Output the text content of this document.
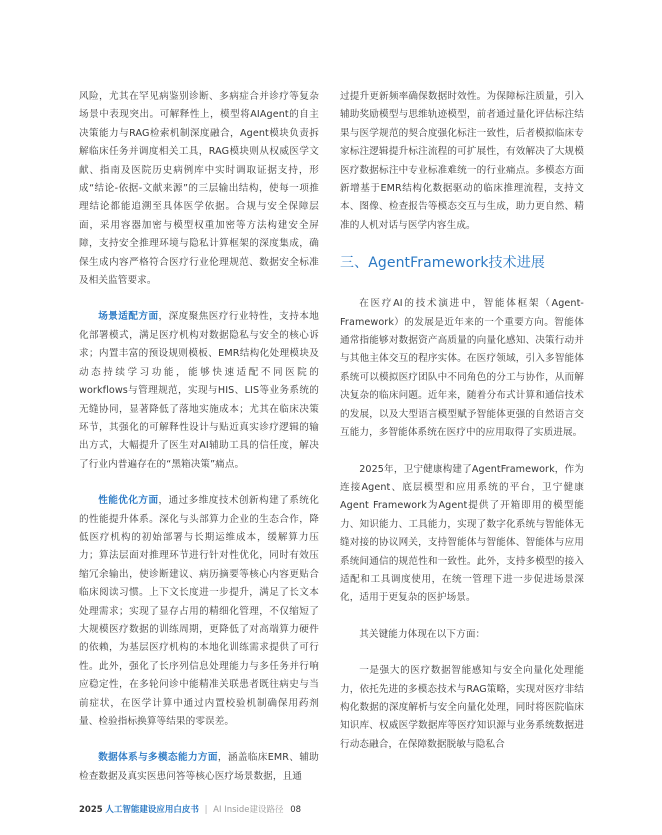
风险，尤其在罕见病鉴别诊断、多病症合并诊疗等复杂场景中表现突出。可解释性上，模型将AIAgent的自主决策能力与RAG检索机制深度融合，Agent模块负责拆解临床任务并调度相关工具，RAG模块则从权威医学文献、指南及医院历史病例库中实时调取证据支持，形成“结论-依据-文献来源”的三层输出结构，使每一项推理结论都能追溯至具体医学依据。合规与安全保障层面，采用容器加密与模型权重加密等方法构建安全屏障，支持安全推理环境与隐私计算框架的深度集成，确保生成内容严格符合医疗行业伦理规范、数据安全标准及相关监管要求。

场景适配方面，深度聚焦医疗行业特性，支持本地化部署模式，满足医疗机构对数据隐私与安全的核心诉求；内置丰富的预设规则模板、EMR结构化处理模块及动态持续学习功能，能够快速适配不同医院的workflows与管理规范，实现与HIS、LIS等业务系统的无缝协同，显著降低了落地实施成本；尤其在临床决策环节，其强化的可解释性设计与贴近真实诊疗逻辑的输出方式，大幅提升了医生对AI辅助工具的信任度，解决了行业内普遍存在的“黑箱决策”痛点。

性能优化方面，通过多维度技术创新构建了系统化的性能提升体系。深化与头部算力企业的生态合作，降低医疗机构的初始部署与长期运维成本，缓解算力压力；算法层面对推理环节进行针对性优化，同时有效压缩冗余输出，使诊断建议、病历摘要等核心内容更贴合临床阅读习惯。上下文长度进一步提升，满足了长文本处理需求；实现了显存占用的精细化管理，不仅缩短了大规模医疗数据的训练周期，更降低了对高端算力硬件的依赖，为基层医疗机构的本地化训练需求提供了可行性。此外，强化了长序列信息处理能力与多任务并行响应稳定性，在多轮问诊中能精准关联患者既往病史与当前症状，在医学计算中通过内置校验机制确保用药剂量、检验指标换算等结果的零误差。

数据体系与多模态能力方面，涵盖临床EMR、辅助检查数据及真实医患问答等核心医疗场景数据，且通

过提升更新频率确保数据时效性。为保障标注质量，引入辅助奖励模型与思维轨迹模型，前者通过量化评估标注结果与医学规范的契合度强化标注一致性，后者模拟临床专家标注逻辑提升标注流程的可扩展性，有效解决了大规模医疗数据标注中专业标准难统一的行业痛点。多模态方面新增基于EMR结构化数据驱动的临床推理流程，支持文本、图像、检查报告等模态交互与生成，助力更自然、精准的人机对话与医学内容生成。

三、AgentFramework技术进展

在医疗AI的技术演进中，智能体框架（Agent-Framework）的发展是近年来的一个重要方向。智能体通常指能够对数据资产高质量的向量化感知、决策行动并与其他主体交互的程序实体。在医疗领域，引入多智能体系统可以模拟医疗团队中不同角色的分工与协作，从而解决复杂的临床问题。近年来，随着分布式计算和通信技术的发展，以及大型语言模型赋予智能体更强的自然语言交互能力，多智能体系统在医疗中的应用取得了实质进展。

2025年，卫宁健康构建了AgentFramework，作为连接Agent、底层模型和应用系统的平台，卫宁健康Agent Framework为Agent提供了开箱即用的模型能力、知识能力、工具能力，实现了数字化系统与智能体无缝对接的协议网关，支持智能体与智能体、智能体与应用系统间通信的规范性和一致性。此外，支持多模型的接入适配和工具调度使用，在统一管理下进一步促进场景深化，适用于更复杂的医护场景。

其关键能力体现在以下方面：

一是强大的医疗数据智能感知与安全向量化处理能力，依托先进的多模态技术与RAG策略，实现对医疗非结构化数据的深度解析与安全向量化处理，同时将医院临床知识库、权威医学数据库等医疗知识源与业务系统数据进行动态融合，在保障数据脱敏与隐私合

2025 人工智能建设应用白皮书 | AI Inside建设路径 08
